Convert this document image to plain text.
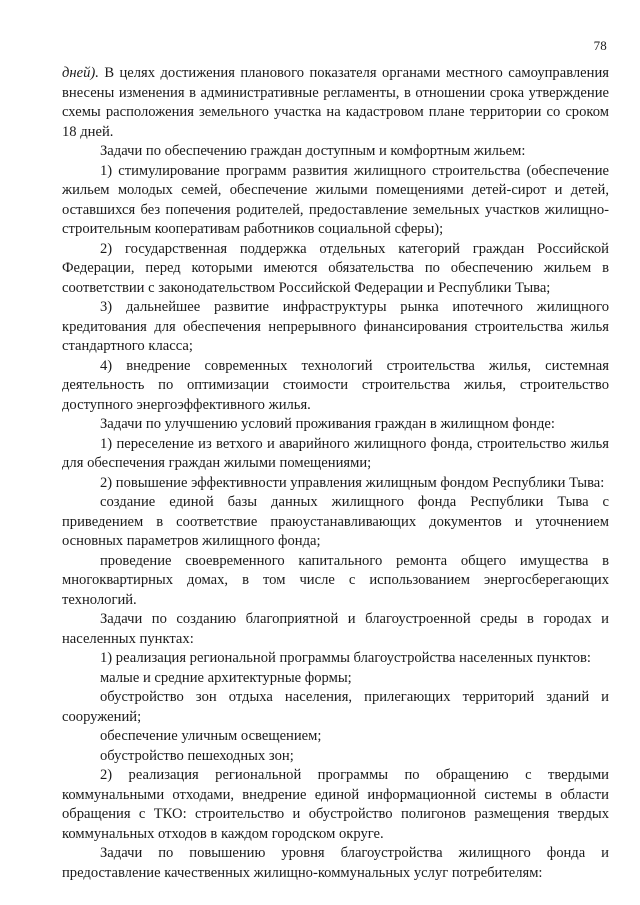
78

дней). В целях достижения планового показателя органами местного самоуправления внесены изменения в административные регламенты, в отношении срока утверждение схемы расположения земельного участка на кадастровом плане территории со сроком 18 дней.

Задачи по обеспечению граждан доступным и комфортным жильем:

1) стимулирование программ развития жилищного строительства (обеспечение жильем молодых семей, обеспечение жилыми помещениями детей-сирот и детей, оставшихся без попечения родителей, предоставление земельных участков жилищно-строительным кооперативам работников социальной сферы);

2) государственная поддержка отдельных категорий граждан Российской Федерации, перед которыми имеются обязательства по обеспечению жильем в соответствии с законодательством Российской Федерации и Республики Тыва;

3) дальнейшее развитие инфраструктуры рынка ипотечного жилищного кредитования для обеспечения непрерывного финансирования строительства жилья стандартного класса;

4) внедрение современных технологий строительства жилья, системная деятельность по оптимизации стоимости строительства жилья, строительство доступного энергоэффективного жилья.

Задачи по улучшению условий проживания граждан в жилищном фонде:

1) переселение из ветхого и аварийного жилищного фонда, строительство жилья для обеспечения граждан жилыми помещениями;

2) повышение эффективности управления жилищным фондом Республики Тыва:

создание единой базы данных жилищного фонда Республики Тыва с приведением в соответствие праюустанавливающих документов и уточнением основных параметров жилищного фонда;

проведение своевременного капитального ремонта общего имущества в многоквартирных домах, в том числе с использованием энергосберегающих технологий.

Задачи по созданию благоприятной и благоустроенной среды в городах и населенных пунктах:

1) реализация региональной программы благоустройства населенных пунктов:

малые и средние архитектурные формы;

обустройство зон отдыха населения, прилегающих территорий зданий и сооружений;

обеспечение уличным освещением;

обустройство пешеходных зон;

2) реализация региональной программы по обращению с твердыми коммунальными отходами, внедрение единой информационной системы в области обращения с ТКО: строительство и обустройство полигонов размещения твердых коммунальных отходов в каждом городском округе.

Задачи по повышению уровня благоустройства жилищного фонда и предоставление качественных жилищно-коммунальных услуг потребителям:
